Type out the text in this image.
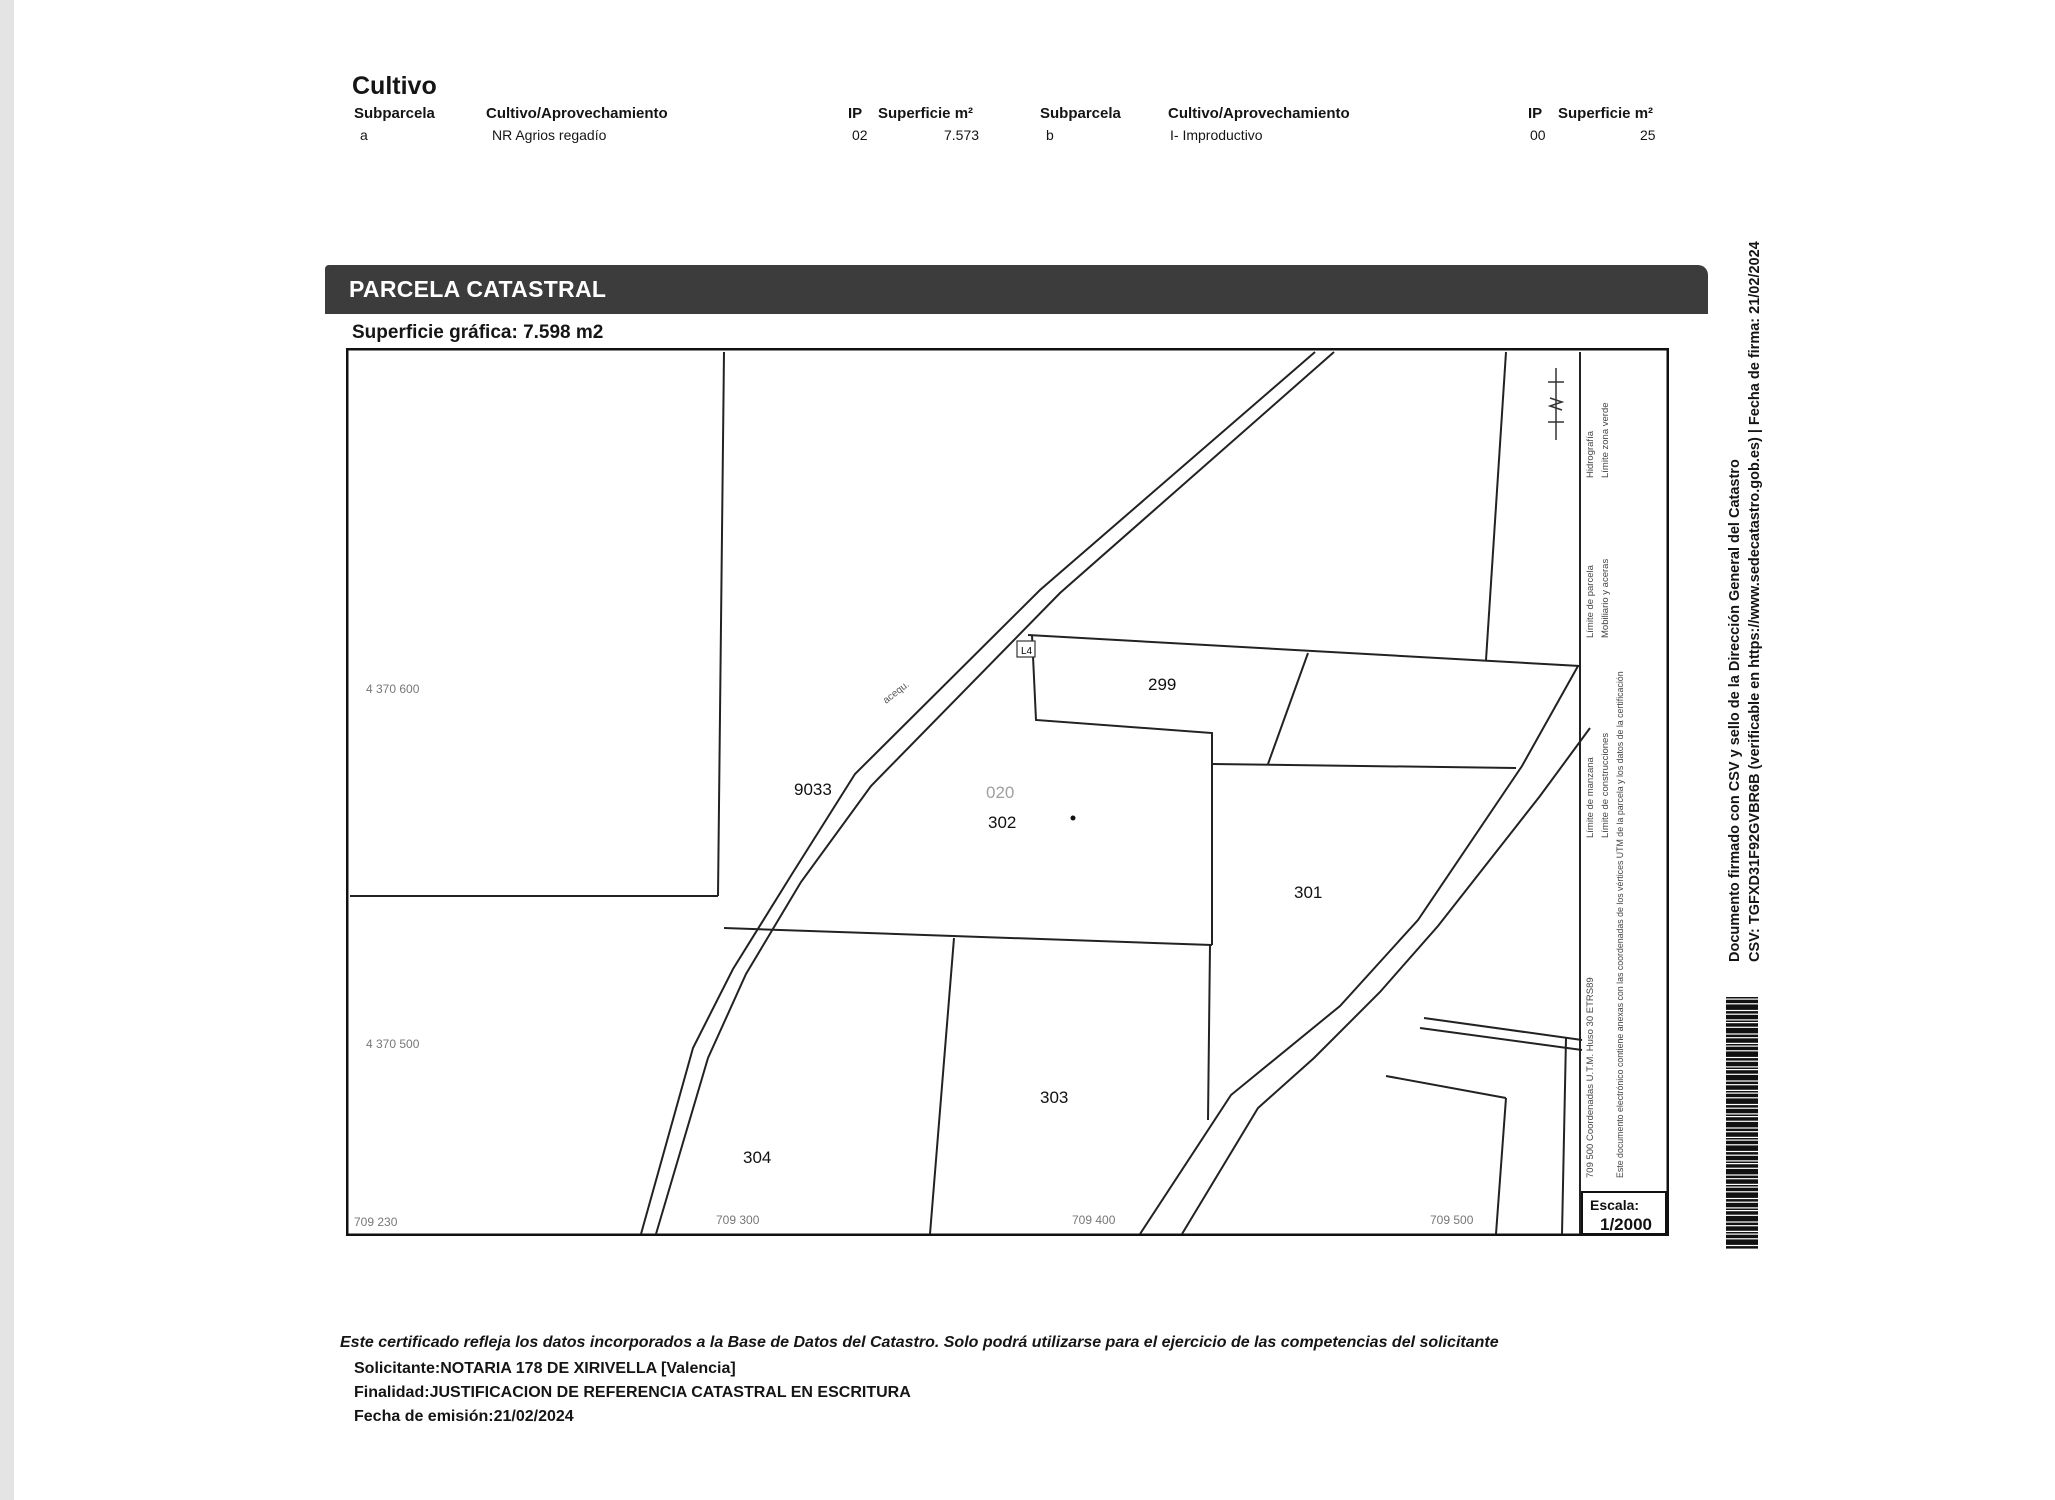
Cultivo
Subparcela	Cultivo/Aprovechamiento	IP Superficie m²	Subparcela	Cultivo/Aprovechamiento	IP Superficie m²
a	NR Agrios regadío	02	7.573	b	I- Improductivo	00	25
PARCELA CATASTRAL
Superficie gráfica: 7.598 m2
L4
299
9033	020
302
301
303
304
acequ.
4 370 600
4 370 500
709 230	709 300	709 400	709 500
Escala:
1/2000
709 500 Coordenadas U.T.M. Huso 30 ETRS89
Límite de manzana Límite de construcciones
Límite de parcela Mobiliario y aceras
Hidrografía Límite zona verde
Este documento electrónico contiene anexas con las coordenadas de los vértices UTM de la parcela y los datos de la certificación	Documento firmado con CSV y sello de la Dirección General del Catastro CSV: TGFXD31F92GVBR6B (verificable en https://www.sedecatastro.gob.es) | Fecha de firma: 21/02/2024
Este certificado refleja los datos incorporados a la Base de Datos del Catastro. Solo podrá utilizarse para el ejercicio de las competencias del solicitante
Solicitante:NOTARIA 178 DE XIRIVELLA [Valencia]
Finalidad:JUSTIFICACION DE REFERENCIA CATASTRAL EN ESCRITURA
Fecha de emisión:21/02/2024
